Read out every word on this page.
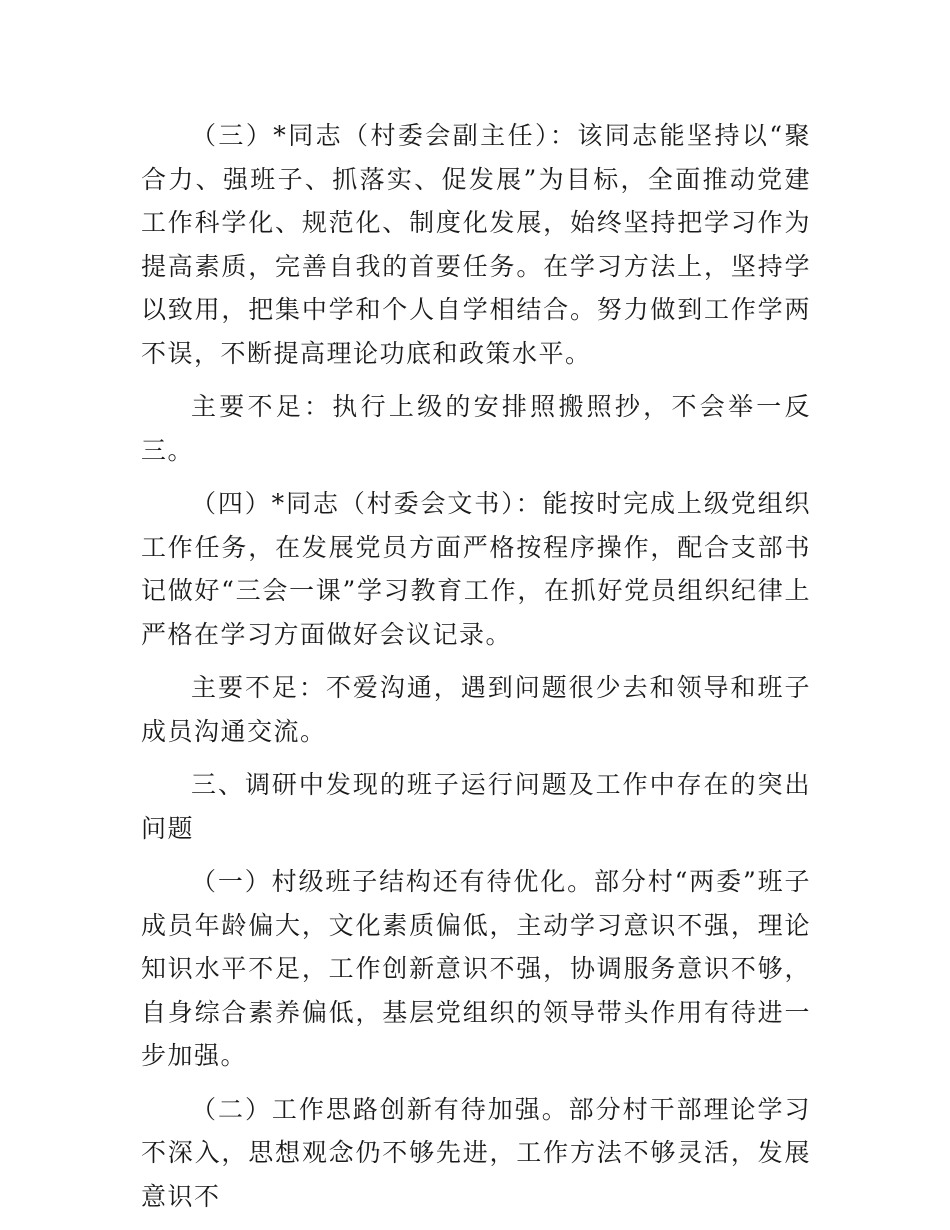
（三）*同志（村委会副主任）：该同志能坚持以“聚合力、强班子、抓落实、促发展”为目标，全面推动党建工作科学化、规范化、制度化发展，始终坚持把学习作为提高素质，完善自我的首要任务。在学习方法上，坚持学以致用，把集中学和个人自学相结合。努力做到工作学两不误，不断提高理论功底和政策水平。

主要不足：执行上级的安排照搬照抄，不会举一反三。

（四）*同志（村委会文书）：能按时完成上级党组织工作任务，在发展党员方面严格按程序操作，配合支部书记做好“三会一课”学习教育工作，在抓好党员组织纪律上严格在学习方面做好会议记录。

主要不足：不爱沟通，遇到问题很少去和领导和班子成员沟通交流。

三、调研中发现的班子运行问题及工作中存在的突出问题

（一）村级班子结构还有待优化。部分村“两委”班子成员年龄偏大，文化素质偏低，主动学习意识不强，理论知识水平不足，工作创新意识不强，协调服务意识不够，自身综合素养偏低，基层党组织的领导带头作用有待进一步加强。

（二）工作思路创新有待加强。部分村干部理论学习不深入，思想观念仍不够先进，工作方法不够灵活，发展意识不
